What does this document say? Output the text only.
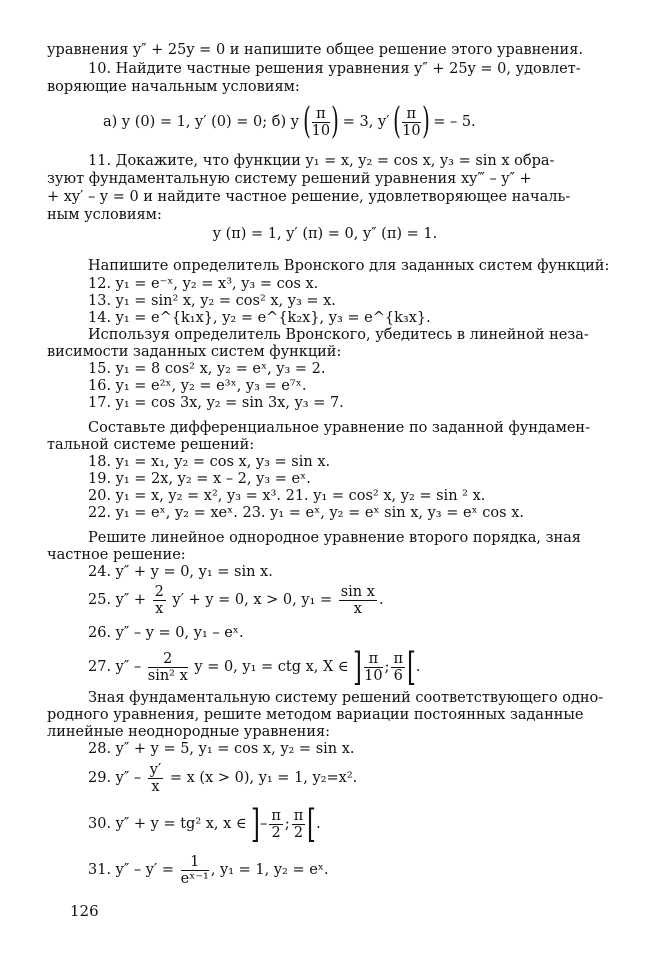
уравнения y″ + 25y = 0 и напишите общее решение этого уравнения.
10. Найдите частные решения уравнения y″ + 25y = 0, удовлет-
воряющие начальным условиям:
а) y (0) = 1, y′ (0) = 0; б) y ( $\frac{\pi}{10}$ ) = 3, y′ ( $\frac{\pi}{10}$ ) = – 5.
11. Докажите, что функции y₁ = x, y₂ = cos x, y₃ = sin x обра-
зуют фундаментальную систему решений уравнения xy‴ – y″ +
+ xy′ – y = 0 и найдите частное решение, удовлетворяющее началь-
ным условиям:
y (π) = 1, y′ (π) = 0, y″ (π) = 1.
Напишите определитель Вронского для заданных систем функций:
12. y₁ = e⁻ˣ, y₂ = x³, y₃ = cos x.
13. y₁ = sin² x, y₂ = cos² x, y₃ = x.
14. y₁ = e^{k₁x}, y₂ = e^{k₂x}, y₃ = e^{k₃x}.
Используя определитель Вронского, убедитесь в линейной неза-
висимости заданных систем функций:
15. y₁ = 8 cos² x, y₂ = eˣ, y₃ = 2.
16. y₁ = e²ˣ, y₂ = e³ˣ, y₃ = e⁷ˣ.
17. y₁ = cos 3x, y₂ = sin 3x, y₃ = 7.
Составьте дифференциальное уравнение по заданной фундамен-
тальной системе решений:
18. y₁ = x₁, y₂ = cos x, y₃ = sin x.
19. y₁ = 2x, y₂ = x – 2, y₃ = eˣ.
20. y₁ = x, y₂ = x², y₃ = x³. 21. y₁ = cos² x, y₂ = sin ² x.
22. y₁ = eˣ, y₂ = xeˣ. 23. y₁ = eˣ, y₂ = eˣ sin x, y₃ = eˣ cos x.
Решите линейное однородное уравнение второго порядка, зная
частное решение:
24. y″ + y = 0, y₁ = sin x.
25. $y'' + \frac{2}{x} y' + y = 0$, x > 0, $y_1 = \frac{\text{sin x}}{x}$ .
26. y″ – y = 0, y₁ – eˣ.
27. $y'' - \frac{2}{\text{sin² x}}$ y = 0, y₁ = ctg x, X ∈ ] $\frac{\pi}{10}$ ; $\frac{\pi}{6}$ [.
Зная фундаментальную систему решений соответствующего одно-
родного уравнения, решите методом вариации постоянных заданные
линейные неоднородные уравнения:
28. y″ + y = 5, y₁ = cos x, y₂ = sin x.
29. $y'' - \frac{y'}{x} = x$ (x > 0), y₁ = 1, y₂=x².
30. y″ + y = tg² x, x ∈ ]– $\frac{\pi}{2}$ ; $\frac{\pi}{2}$ [.
31. $y'' - y' = \frac{1}{\text{eˣ⁻¹}}$ , y₁ = 1, y₂ = eˣ.
126
